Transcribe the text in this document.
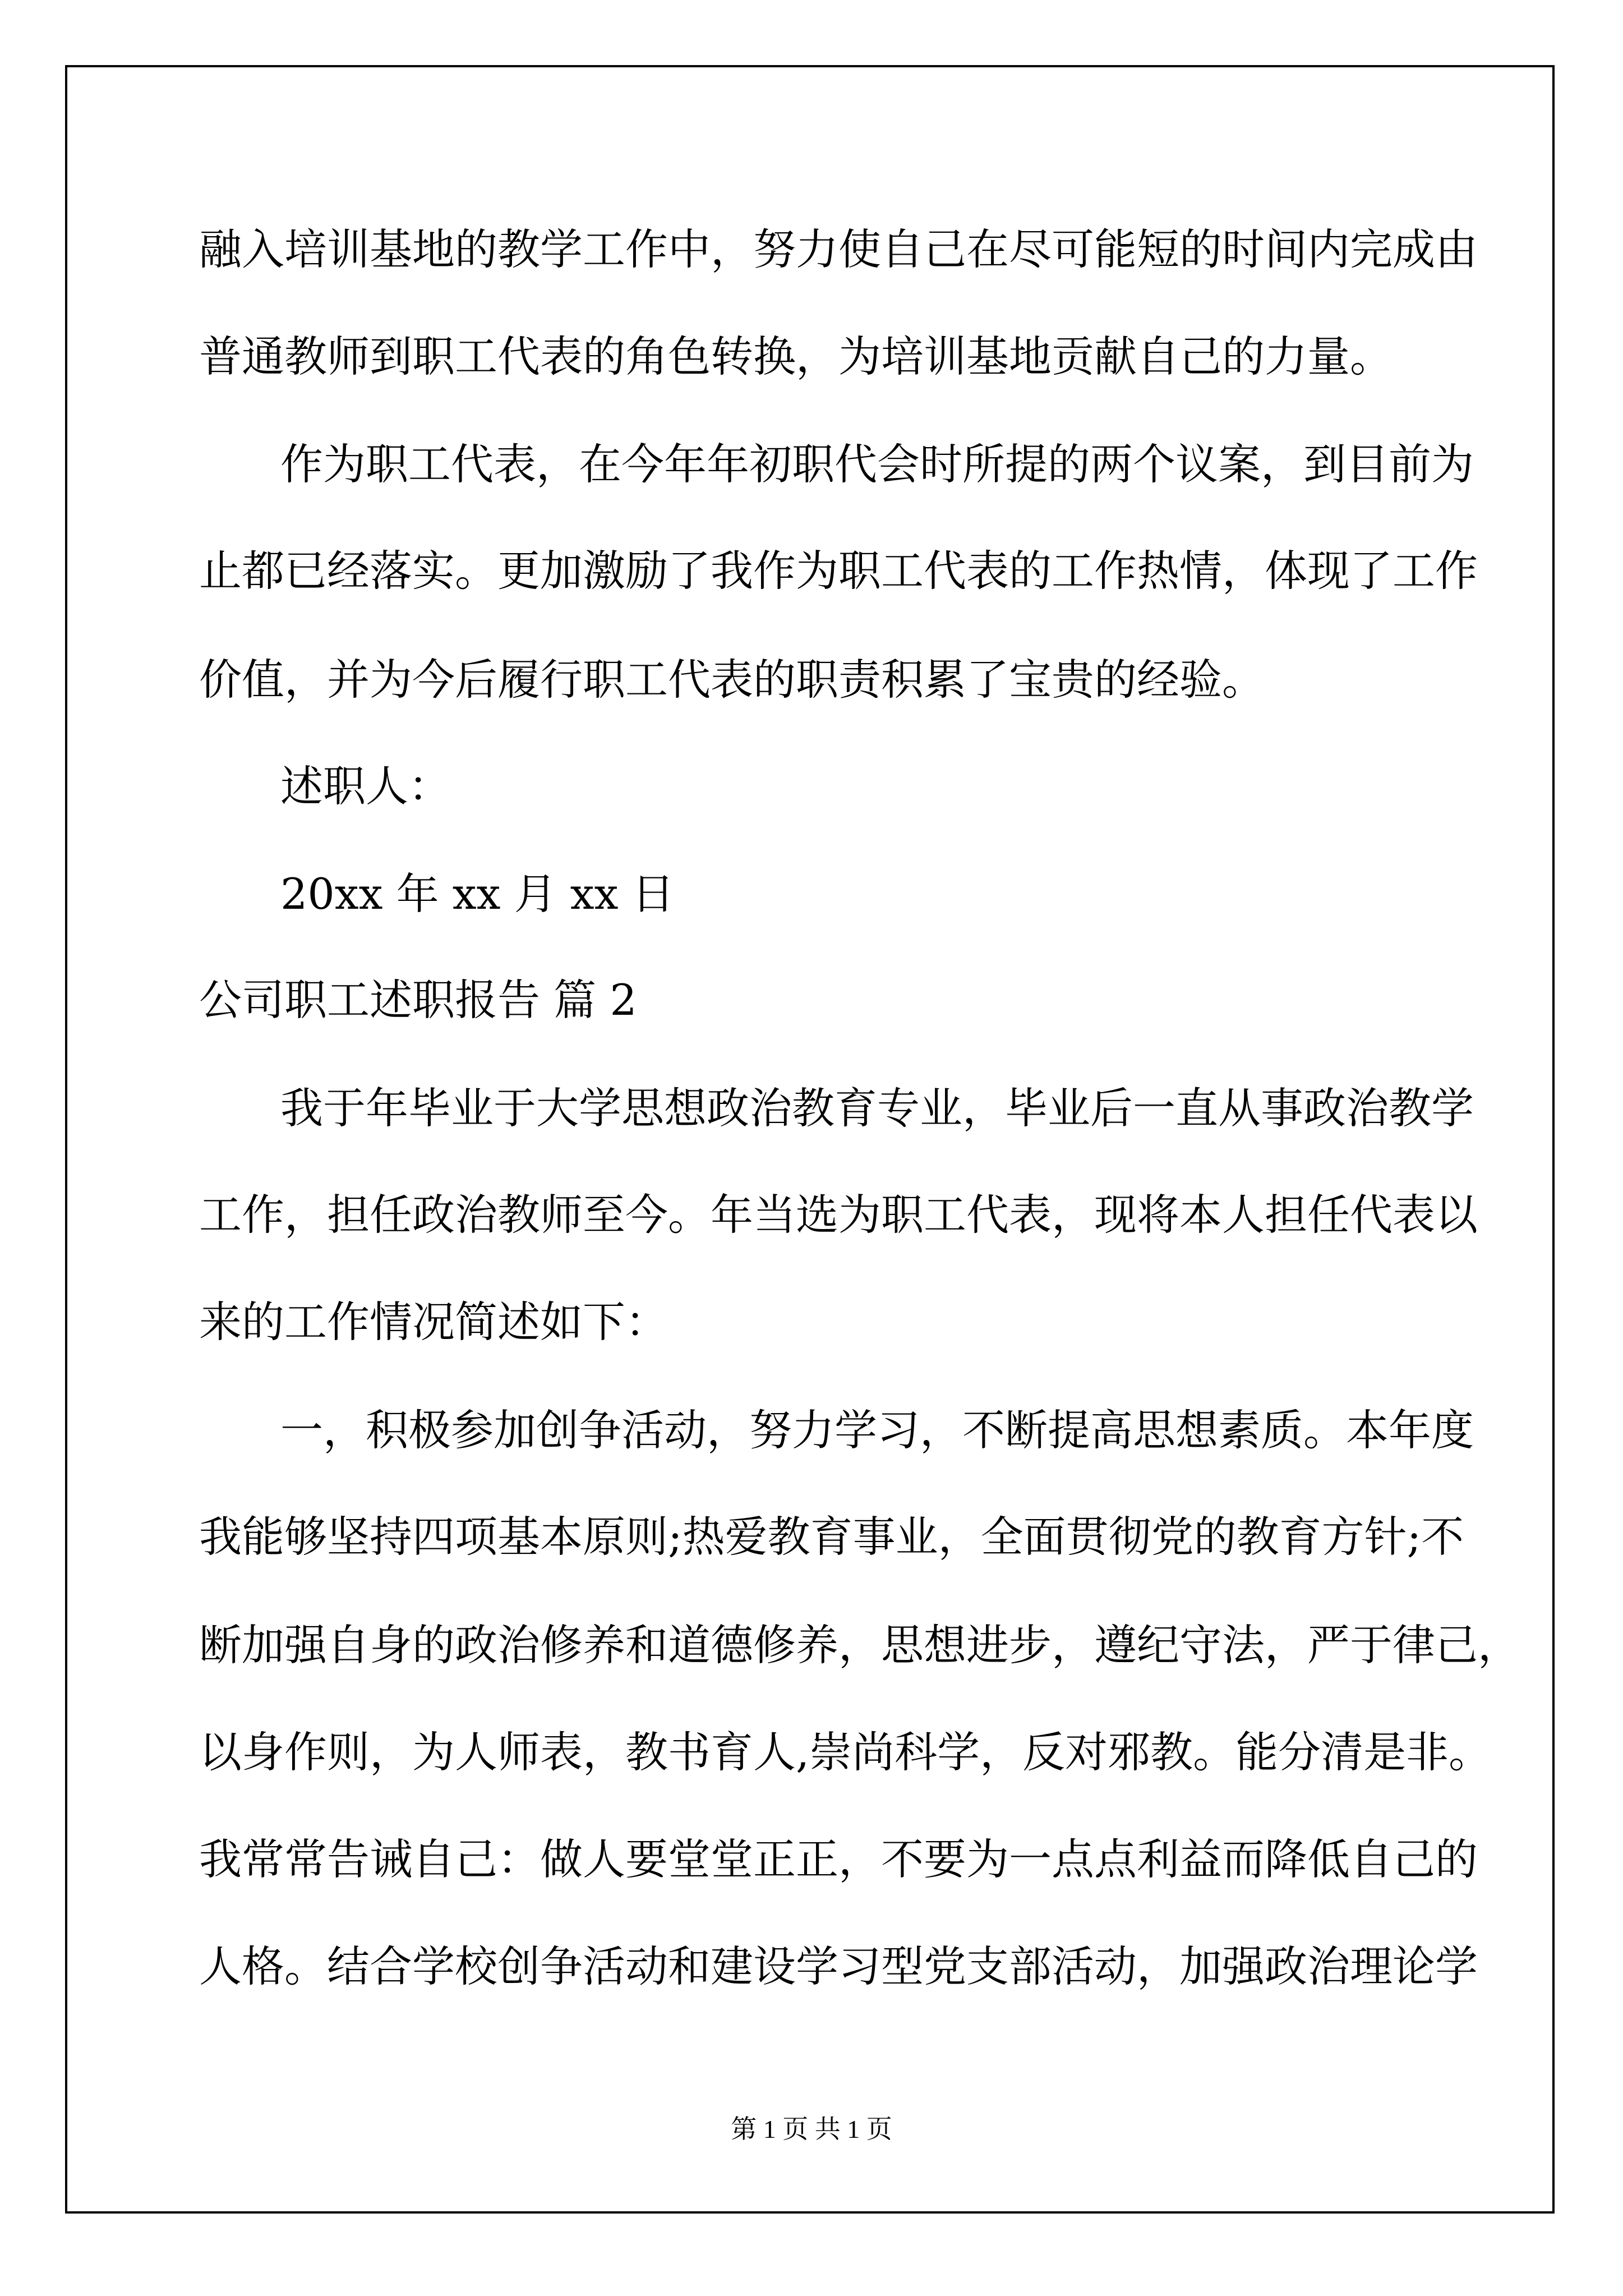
融入培训基地的教学工作中，努力使自己在尽可能短的时间内完成由
普通教师到职工代表的角色转换，为培训基地贡献自己的力量。
作为职工代表，在今年年初职代会时所提的两个议案，到目前为
止都已经落实。更加激励了我作为职工代表的工作热情，体现了工作
价值，并为今后履行职工代表的职责积累了宝贵的经验。
述职人：
20xx 年 xx 月 xx 日
公司职工述职报告 篇 2
我于年毕业于大学思想政治教育专业，毕业后一直从事政治教学
工作，担任政治教师至今。年当选为职工代表，现将本人担任代表以
来的工作情况简述如下：
一，积极参加创争活动，努力学习，不断提高思想素质。本年度
我能够坚持四项基本原则;热爱教育事业，全面贯彻党的教育方针;不
断加强自身的政治修养和道德修养，思想进步，遵纪守法，严于律己，
以身作则，为人师表，教书育人,崇尚科学，反对邪教。能分清是非。
我常常告诫自己：做人要堂堂正正，不要为一点点利益而降低自己的
人格。结合学校创争活动和建设学习型党支部活动，加强政治理论学
第 1 页 共 1 页
